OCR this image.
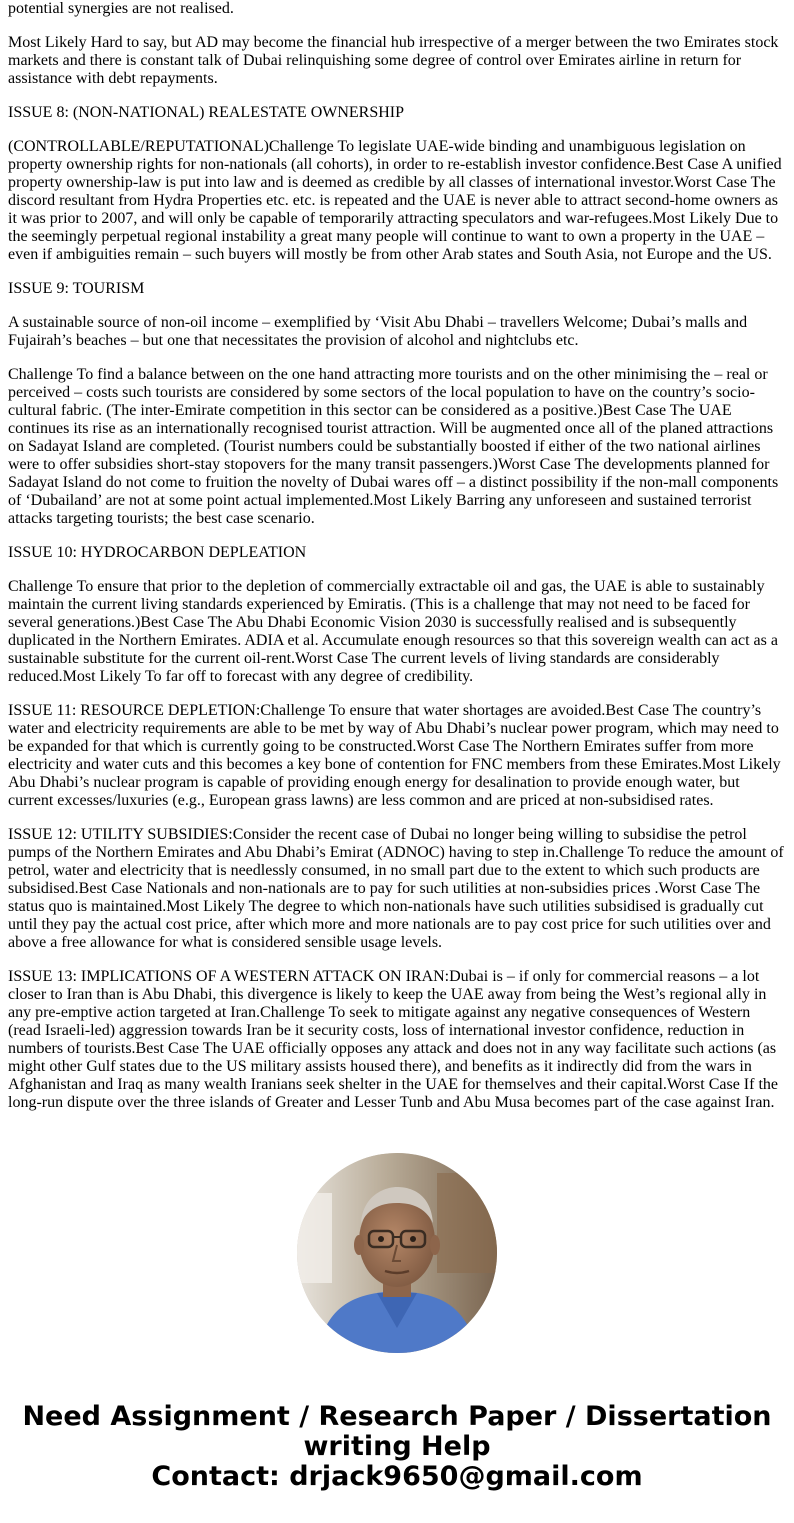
potential synergies are not realised.

Most Likely Hard to say, but AD may become the financial hub irrespective of a merger between the two Emirates stock markets and there is constant talk of Dubai relinquishing some degree of control over Emirates airline in return for assistance with debt repayments.

ISSUE 8: (NON-NATIONAL) REALESTATE OWNERSHIP

(CONTROLLABLE/REPUTATIONAL)Challenge To legislate UAE-wide binding and unambiguous legislation on property ownership rights for non-nationals (all cohorts), in order to re-establish investor confidence.Best Case A unified property ownership-law is put into law and is deemed as credible by all classes of international investor.Worst Case The discord resultant from Hydra Properties etc. etc. is repeated and the UAE is never able to attract second-home owners as it was prior to 2007, and will only be capable of temporarily attracting speculators and war-refugees.Most Likely Due to the seemingly perpetual regional instability a great many people will continue to want to own a property in the UAE – even if ambiguities remain – such buyers will mostly be from other Arab states and South Asia, not Europe and the US.

ISSUE 9: TOURISM

A sustainable source of non-oil income – exemplified by ‘Visit Abu Dhabi – travellers Welcome; Dubai’s malls and Fujairah’s beaches – but one that necessitates the provision of alcohol and nightclubs etc.

Challenge To find a balance between on the one hand attracting more tourists and on the other minimising the – real or perceived – costs such tourists are considered by some sectors of the local population to have on the country’s socio-cultural fabric. (The inter-Emirate competition in this sector can be considered as a positive.)Best Case The UAE continues its rise as an internationally recognised tourist attraction. Will be augmented once all of the planed attractions on Sadayat Island are completed. (Tourist numbers could be substantially boosted if either of the two national airlines were to offer subsidies short-stay stopovers for the many transit passengers.)Worst Case The developments planned for Sadayat Island do not come to fruition the novelty of Dubai wares off – a distinct possibility if the non-mall components of ‘Dubailand’ are not at some point actual implemented.Most Likely Barring any unforeseen and sustained terrorist attacks targeting tourists; the best case scenario.

ISSUE 10: HYDROCARBON DEPLEATION

Challenge To ensure that prior to the depletion of commercially extractable oil and gas, the UAE is able to sustainably maintain the current living standards experienced by Emiratis. (This is a challenge that may not need to be faced for several generations.)Best Case The Abu Dhabi Economic Vision 2030 is successfully realised and is subsequently duplicated in the Northern Emirates. ADIA et al. Accumulate enough resources so that this sovereign wealth can act as a sustainable substitute for the current oil-rent.Worst Case The current levels of living standards are considerably reduced.Most Likely To far off to forecast with any degree of credibility.

ISSUE 11: RESOURCE DEPLETION:Challenge To ensure that water shortages are avoided.Best Case The country’s water and electricity requirements are able to be met by way of Abu Dhabi’s nuclear power program, which may need to be expanded for that which is currently going to be constructed.Worst Case The Northern Emirates suffer from more electricity and water cuts and this becomes a key bone of contention for FNC members from these Emirates.Most Likely Abu Dhabi’s nuclear program is capable of providing enough energy for desalination to provide enough water, but current excesses/luxuries (e.g., European grass lawns) are less common and are priced at non-subsidised rates.

ISSUE 12: UTILITY SUBSIDIES:Consider the recent case of Dubai no longer being willing to subsidise the petrol pumps of the Northern Emirates and Abu Dhabi’s Emirat (ADNOC) having to step in.Challenge To reduce the amount of petrol, water and electricity that is needlessly consumed, in no small part due to the extent to which such products are subsidised.Best Case Nationals and non-nationals are to pay for such utilities at non-subsidies prices .Worst Case The status quo is maintained.Most Likely The degree to which non-nationals have such utilities subsidised is gradually cut until they pay the actual cost price, after which more and more nationals are to pay cost price for such utilities over and above a free allowance for what is considered sensible usage levels.

ISSUE 13: IMPLICATIONS OF A WESTERN ATTACK ON IRAN:Dubai is – if only for commercial reasons – a lot closer to Iran than is Abu Dhabi, this divergence is likely to keep the UAE away from being the West’s regional ally in any pre-emptive action targeted at Iran.Challenge To seek to mitigate against any negative consequences of Western (read Israeli-led) aggression towards Iran be it security costs, loss of international investor confidence, reduction in numbers of tourists.Best Case The UAE officially opposes any attack and does not in any way facilitate such actions (as might other Gulf states due to the US military assists housed there), and benefits as it indirectly did from the wars in Afghanistan and Iraq as many wealth Iranians seek shelter in the UAE for themselves and their capital.Worst Case If the long-run dispute over the three islands of Greater and Lesser Tunb and Abu Musa becomes part of the case against Iran.

Need Assignment / Research Paper / Dissertation
writing Help
Contact: drjack9650@gmail.com
